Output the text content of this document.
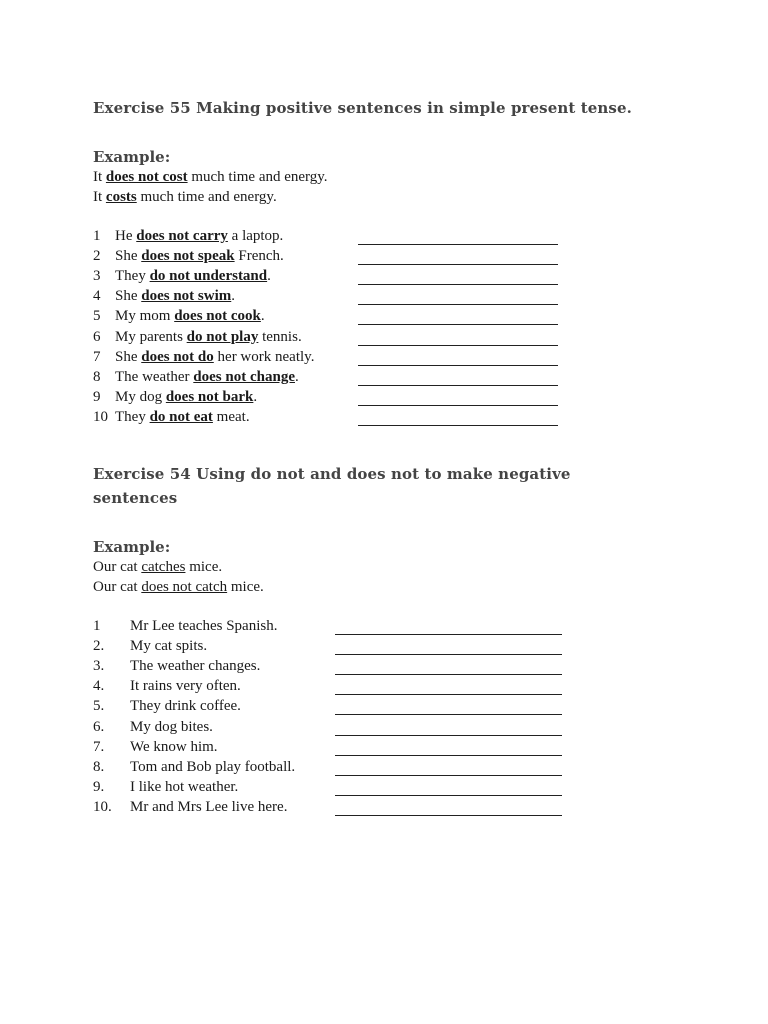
Exercise 55 Making positive sentences in simple present tense.
Example:
It does not cost much time and energy.
It costs much time and energy.
1 He does not carry a laptop.
2 She does not speak French.
3 They do not understand.
4 She does not swim.
5 My mom does not cook.
6 My parents do not play tennis.
7 She does not do her work neatly.
8 The weather does not change.
9 My dog does not bark.
10 They do not eat meat.
Exercise 54 Using do not and does not to make negative
sentences
Example:
Our cat catches mice.
Our cat does not catch mice.
1 Mr Lee teaches Spanish.
2. My cat spits.
3. The weather changes.
4. It rains very often.
5. They drink coffee.
6. My dog bites.
7. We know him.
8. Tom and Bob play football.
9. I like hot weather.
10. Mr and Mrs Lee live here.
